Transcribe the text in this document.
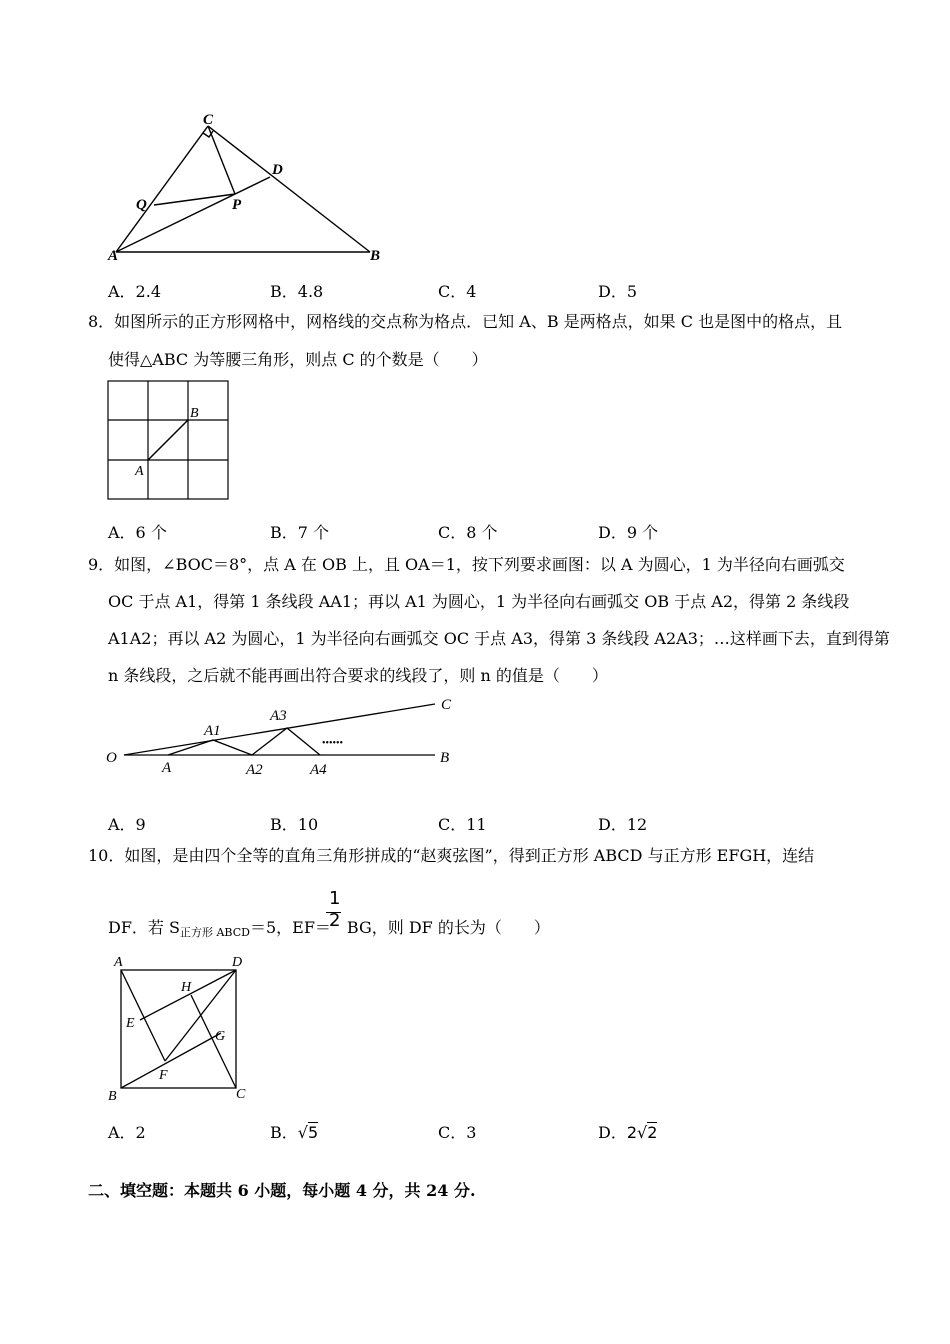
C
D
Q	P
A	B
A．2.4	B．4.8	C．4	D．5
8．如图所示的正方形网格中，网格线的交点称为格点．已知 A、B 是两格点，如果 C 也是图中的格点，且
使得△ABC 为等腰三角形，则点 C 的个数是（　　）
A
B
A．6 个	B．7 个	C．8 个	D．9 个
9．如图，∠BOC＝8°，点 A 在 OB 上，且 OA＝1，按下列要求画图：以 A 为圆心，1 为半径向右画弧交
OC 于点 A1，得第 1 条线段 AA1；再以 A1 为圆心，1 为半径向右画弧交 OB 于点 A2，得第 2 条线段
A1A2；再以 A2 为圆心，1 为半径向右画弧交 OC 于点 A3，得第 3 条线段 A2A3；…这样画下去，直到得第
n 条线段，之后就不能再画出符合要求的线段了，则 n 的值是（　　）
O
A
A1
A3
A2	A4
B
C
••••••
A．9	B．10	C．11	D．12
10．如图，是由四个全等的直角三角形拼成的“赵爽弦图”，得到正方形 ABCD 与正方形 EFGH，连结
DF．若 $S_{正方形 ABCD}=5$，EF＝ BG，则 DF 的长为（　　）
1
2
A	D
H
E
G
F
B	C
A．2	B．√5	C．3	D．2√2
二、填空题：本题共 6 小题，每小题 4 分，共 24 分.
